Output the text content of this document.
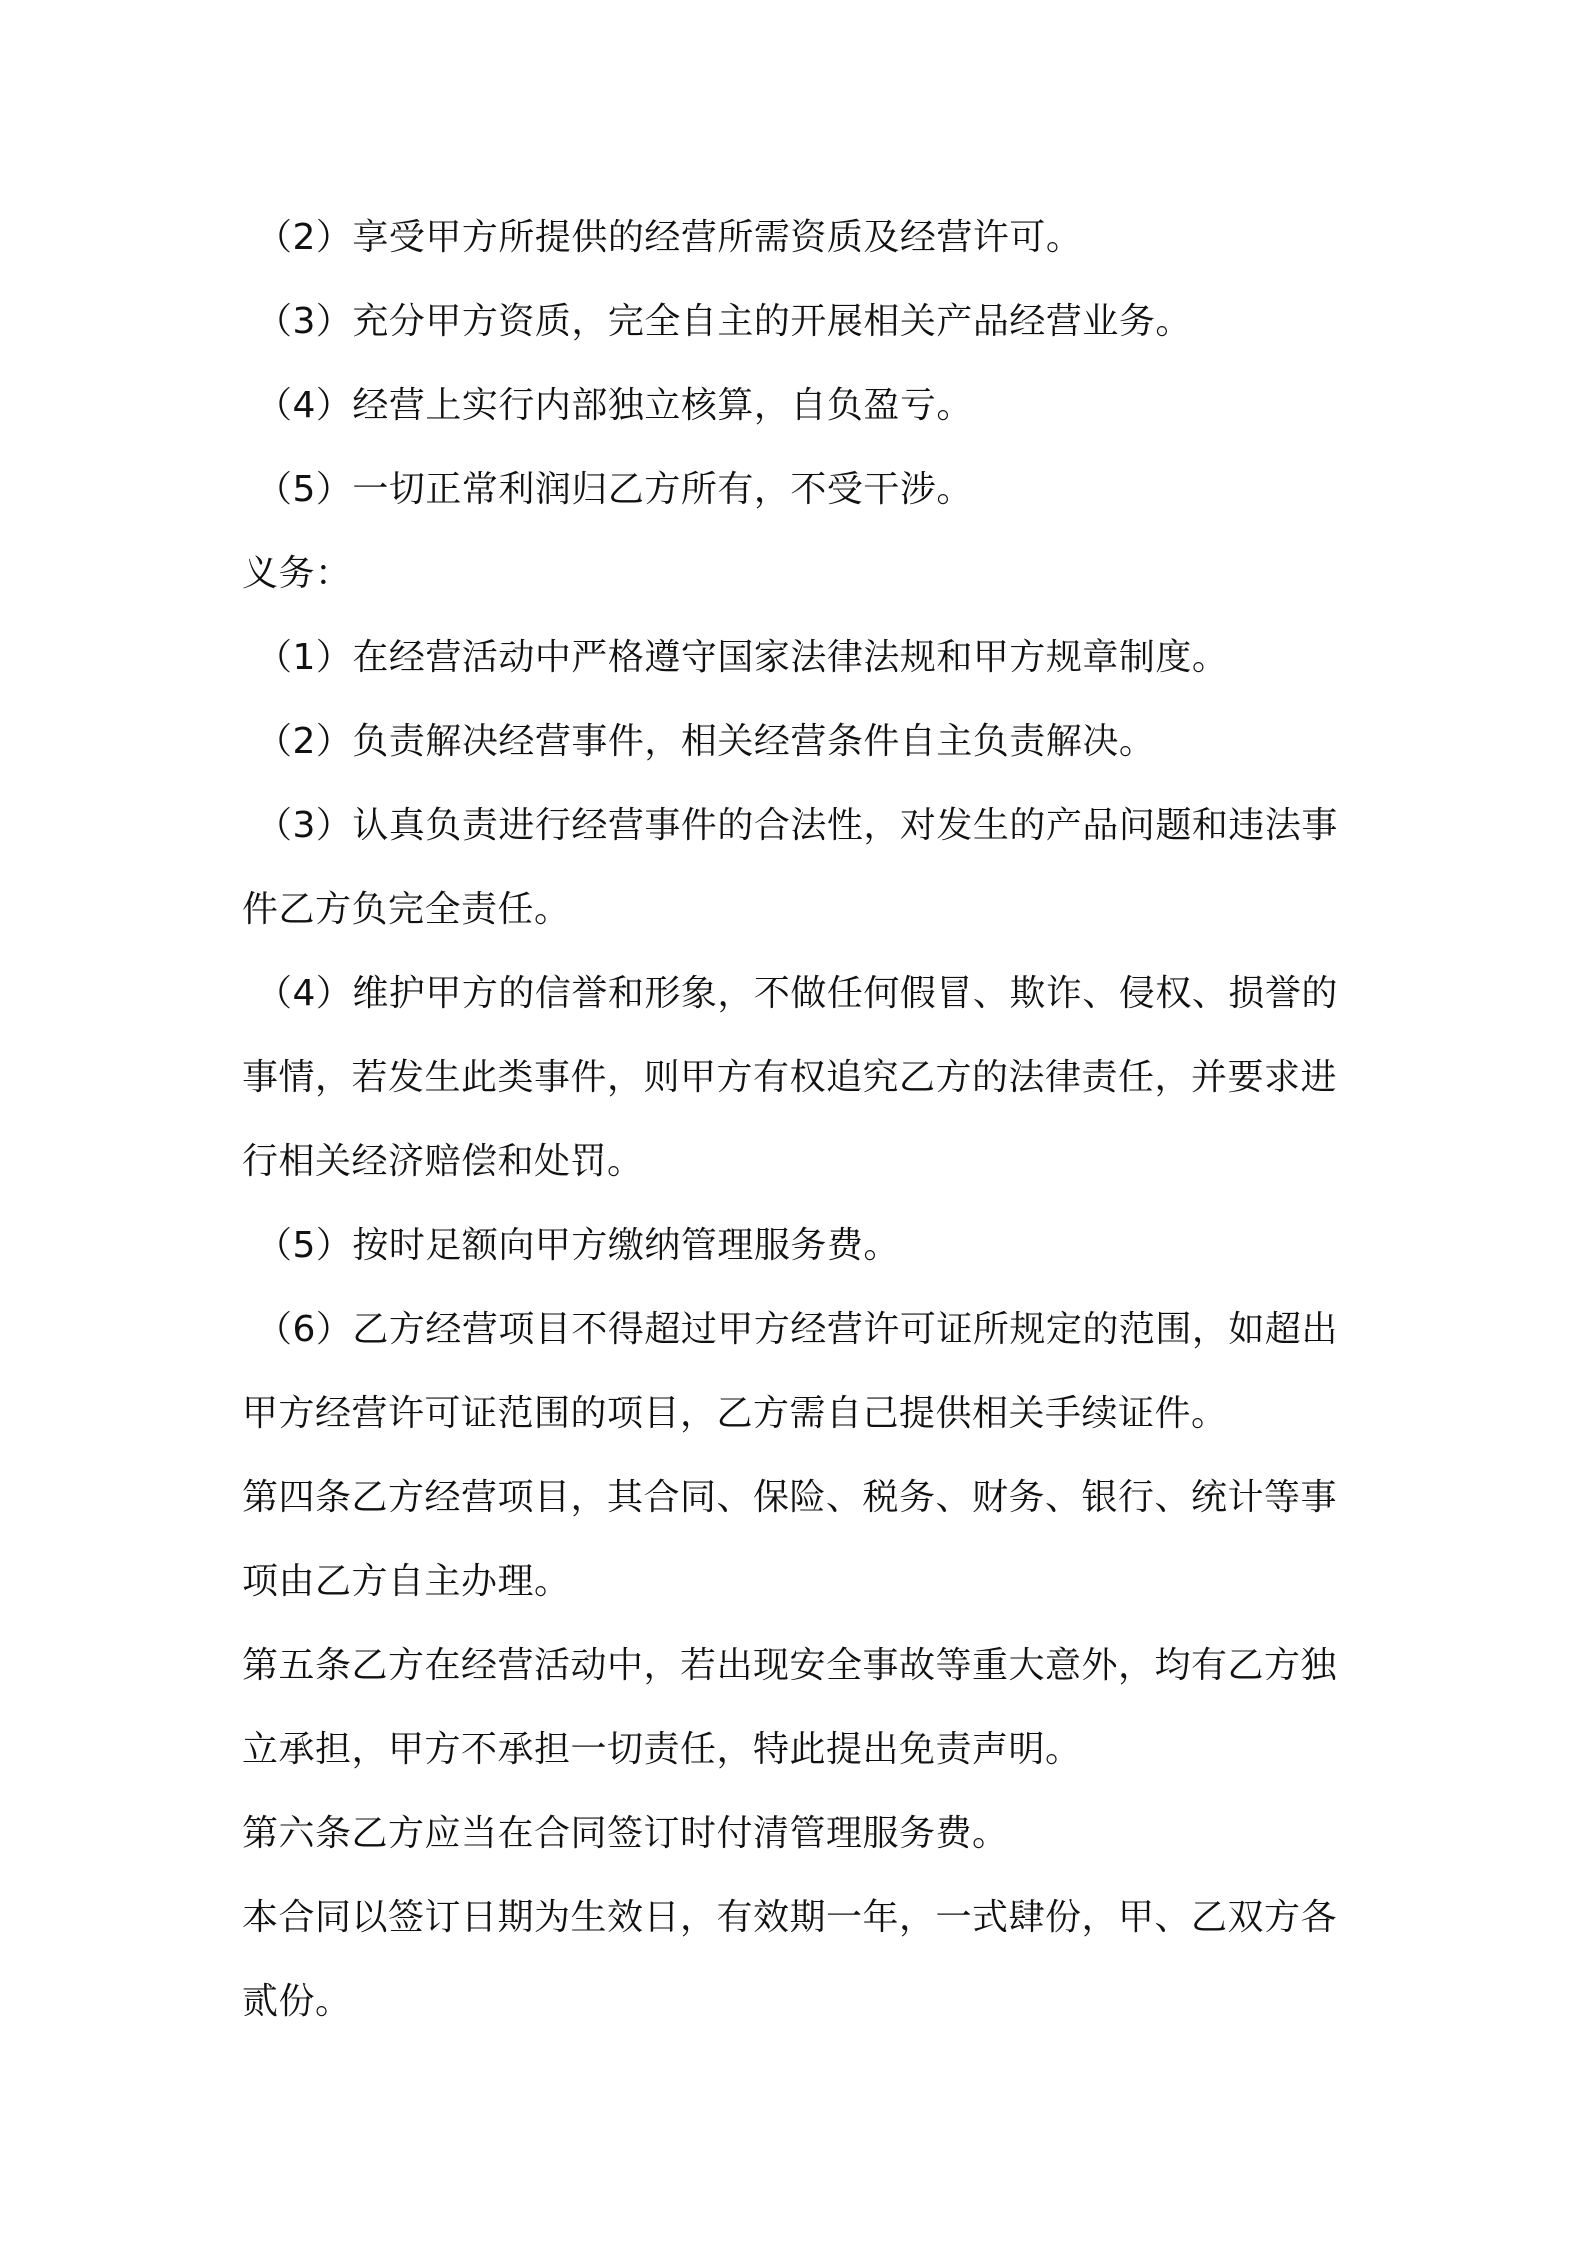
（2）享受甲方所提供的经营所需资质及经营许可。

（3）充分甲方资质，完全自主的开展相关产品经营业务。

（4）经营上实行内部独立核算，自负盈亏。

（5）一切正常利润归乙方所有，不受干涉。

义务：

（1）在经营活动中严格遵守国家法律法规和甲方规章制度。

（2）负责解决经营事件，相关经营条件自主负责解决。

（3）认真负责进行经营事件的合法性，对发生的产品问题和违法事

件乙方负完全责任。

（4）维护甲方的信誉和形象，不做任何假冒、欺诈、侵权、损誉的

事情，若发生此类事件，则甲方有权追究乙方的法律责任，并要求进

行相关经济赔偿和处罚。

（5）按时足额向甲方缴纳管理服务费。

（6）乙方经营项目不得超过甲方经营许可证所规定的范围，如超出

甲方经营许可证范围的项目，乙方需自己提供相关手续证件。

第四条乙方经营项目，其合同、保险、税务、财务、银行、统计等事

项由乙方自主办理。

第五条乙方在经营活动中，若出现安全事故等重大意外，均有乙方独

立承担，甲方不承担一切责任，特此提出免责声明。

第六条乙方应当在合同签订时付清管理服务费。

本合同以签订日期为生效日，有效期一年，一式肆份，甲、乙双方各

贰份。
